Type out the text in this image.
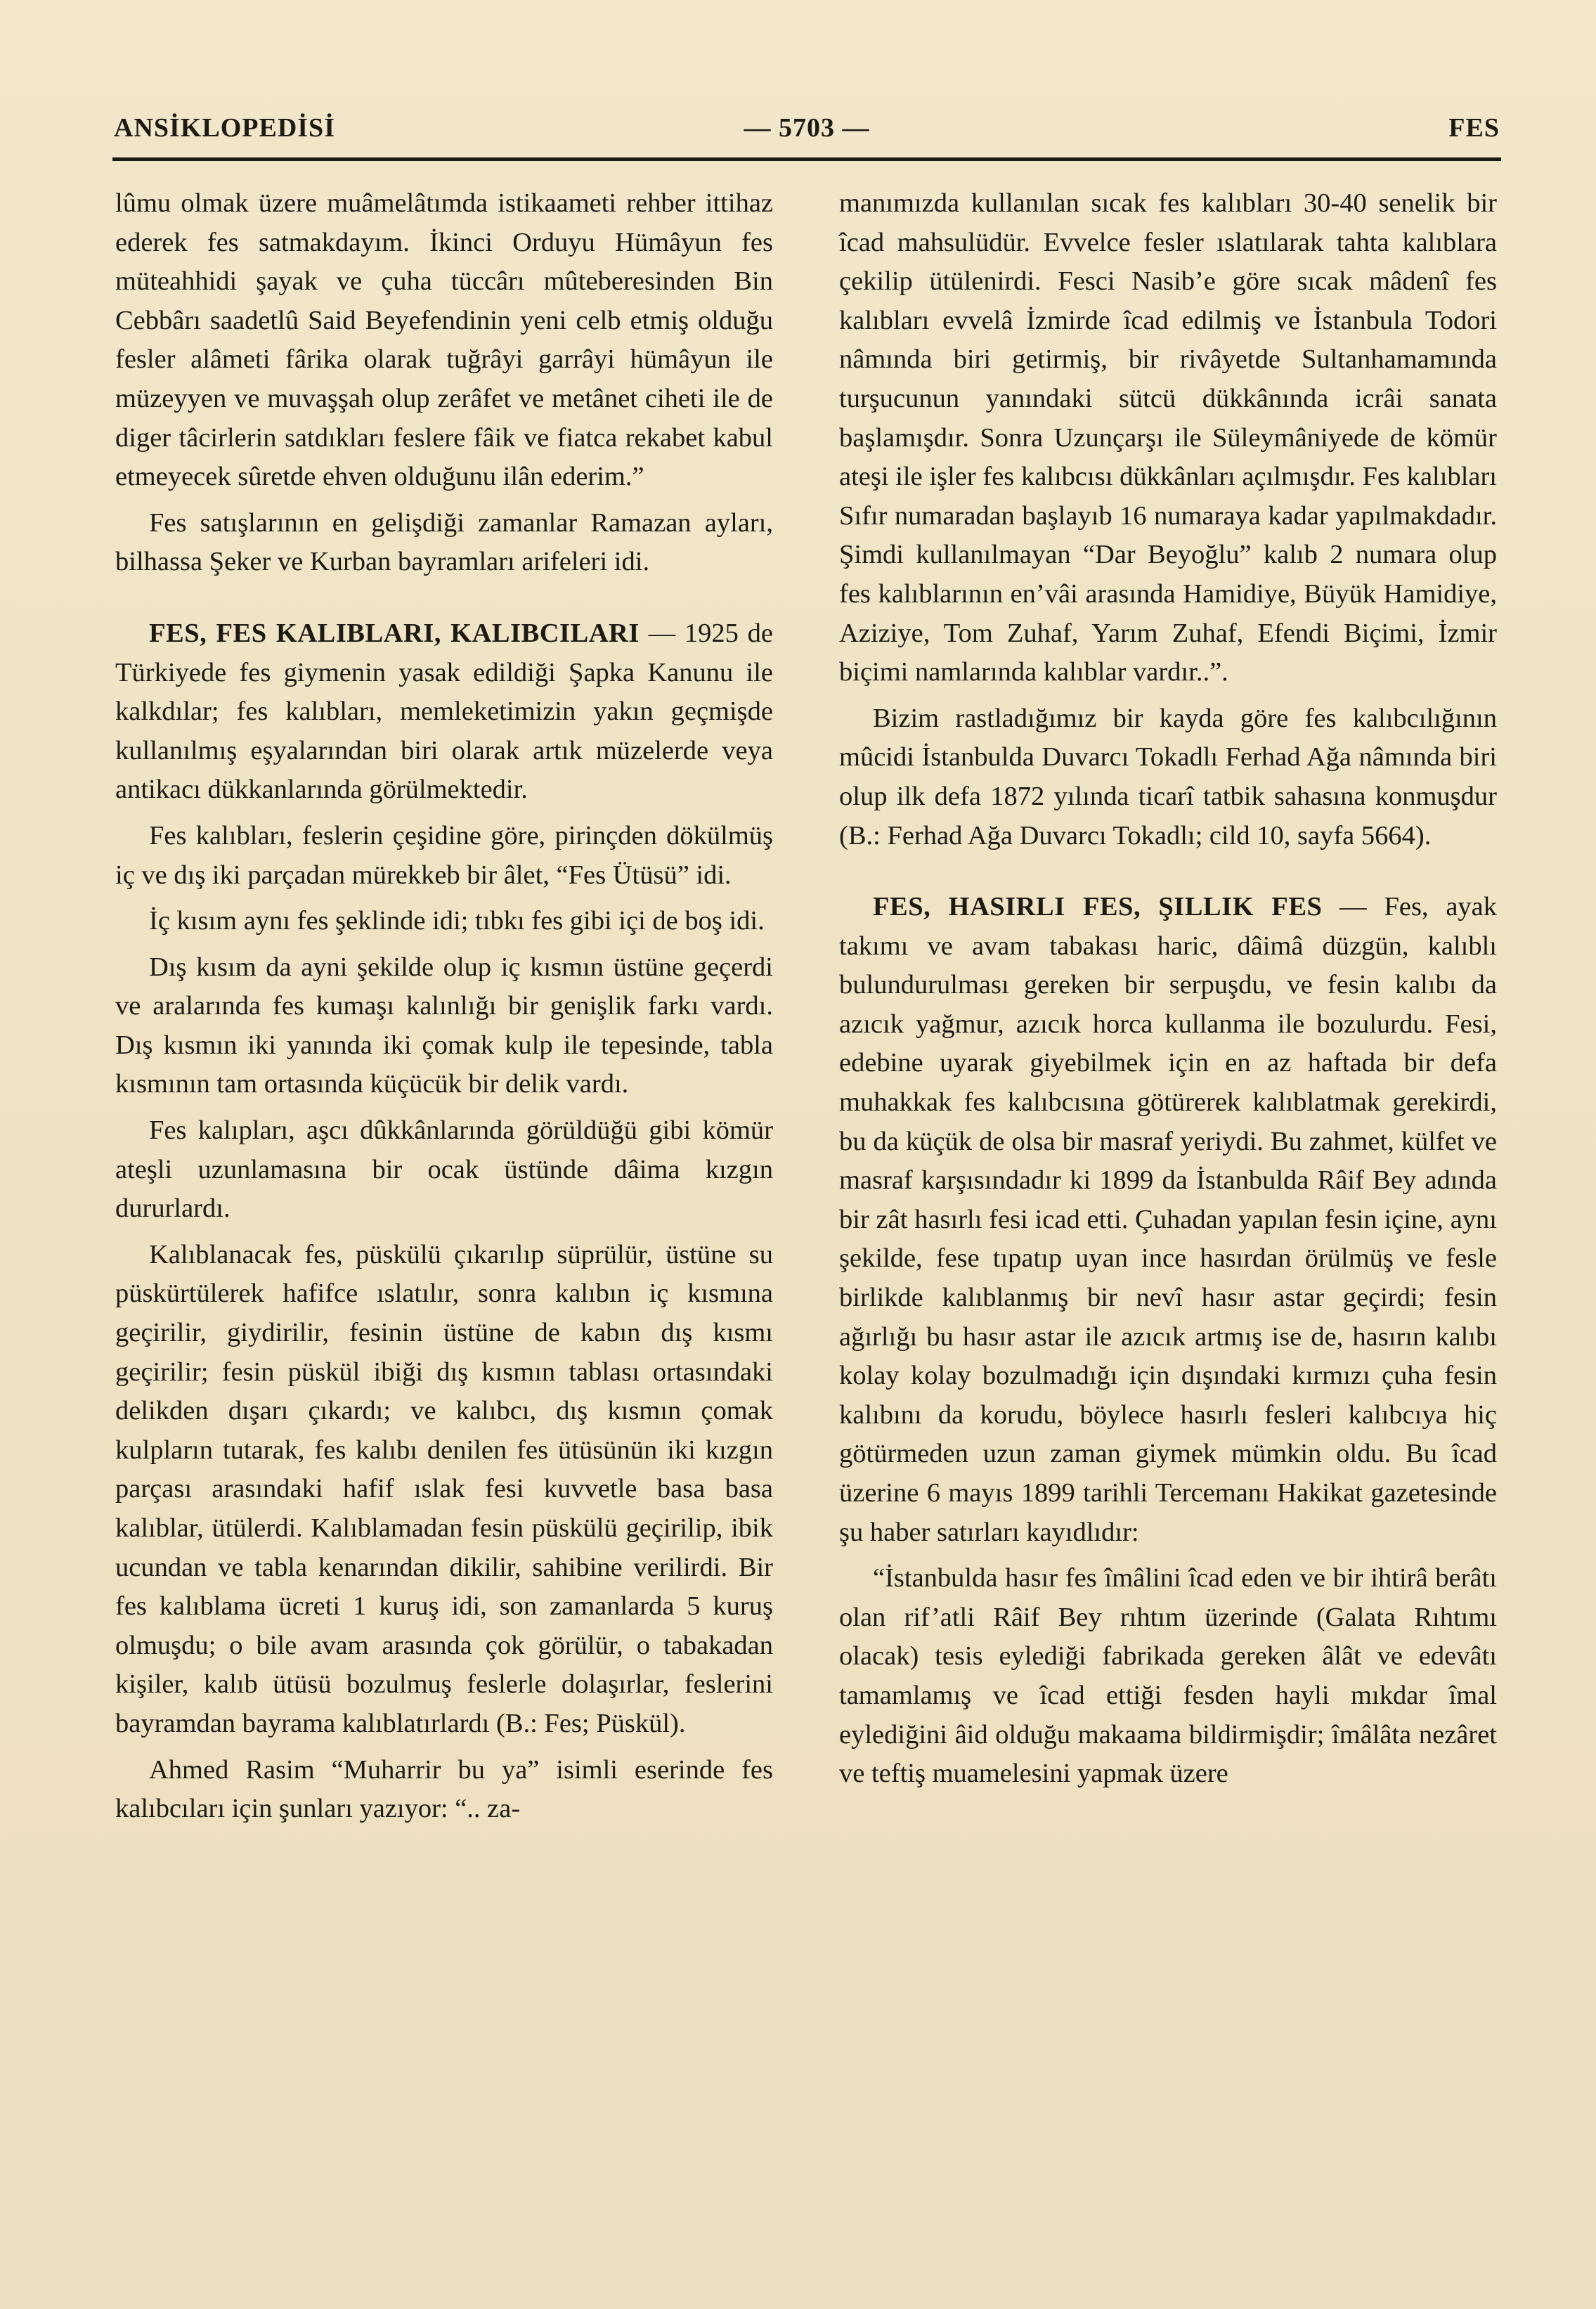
ANSİKLOPEDİSİ	— 5703 —	FES

lûmu olmak üzere muâmelâtımda istikaameti rehber ittihaz ederek fes satmakdayım. İkinci Orduyu Hümâyun fes müteahhidi şayak ve çuha tüccârı mûteberesinden Bin Cebbârı saadetlû Said Beyefendinin yeni celb etmiş olduğu fesler alâmeti fârika olarak tuğrâyi garrâyi hümâyun ile müzeyyen ve muvaşşah olup zerâfet ve metânet ciheti ile de diger tâcirlerin satdıkları feslere fâik ve fiatca rekabet kabul etmeyecek sûretde ehven olduğunu ilân ederim.”

Fes satışlarının en gelişdiği zamanlar Ramazan ayları, bilhassa Şeker ve Kurban bayramları arifeleri idi.

FES, FES KALIBLARI, KALIBCILARI — 1925 de Türkiyede fes giymenin yasak edildiği Şapka Kanunu ile kalkdılar; fes kalıbları, memleketimizin yakın geçmişde kullanılmış eşyalarından biri olarak artık müzelerde veya antikacı dükkanlarında görülmektedir.

Fes kalıbları, feslerin çeşidine göre, pirinçden dökülmüş iç ve dış iki parçadan mürekkeb bir âlet, “Fes Ütüsü” idi.

İç kısım aynı fes şeklinde idi; tıbkı fes gibi içi de boş idi.

Dış kısım da ayni şekilde olup iç kısmın üstüne geçerdi ve aralarında fes kumaşı kalınlığı bir genişlik farkı vardı. Dış kısmın iki yanında iki çomak kulp ile tepesinde, tabla kısmının tam ortasında küçücük bir delik vardı.

Fes kalıpları, aşcı dûkkânlarında görüldüğü gibi kömür ateşli uzunlamasına bir ocak üstünde dâima kızgın dururlardı.

Kalıblanacak fes, püskülü çıkarılıp süprülür, üstüne su püskürtülerek hafifce ıslatılır, sonra kalıbın iç kısmına geçirilir, giydirilir, fesinin üstüne de kabın dış kısmı geçirilir; fesin püskül ibiği dış kısmın tablası ortasındaki delikden dışarı çıkardı; ve kalıbcı, dış kısmın çomak kulpların tutarak, fes kalıbı denilen fes ütüsünün iki kızgın parçası arasındaki hafif ıslak fesi kuvvetle basa basa kalıblar, ütülerdi. Kalıblamadan fesin püskülü geçirilip, ibik ucundan ve tabla kenarından dikilir, sahibine verilirdi. Bir fes kalıblama ücreti 1 kuruş idi, son zamanlarda 5 kuruş olmuşdu; o bile avam arasında çok görülür, o tabakadan kişiler, kalıb ütüsü bozulmuş feslerle dolaşırlar, feslerini bayramdan bayrama kalıblatırlardı (B.: Fes; Püskül).

Ahmed Rasim “Muharrir bu ya” isimli eserinde fes kalıbcıları için şunları yazıyor: “.. za-

manımızda kullanılan sıcak fes kalıbları 30-40 senelik bir îcad mahsulüdür. Evvelce fesler ıslatılarak tahta kalıblara çekilip ütülenirdi. Fesci Nasib’e göre sıcak mâdenî fes kalıbları evvelâ İzmirde îcad edilmiş ve İstanbula Todori nâmında biri getirmiş, bir rivâyetde Sultanhamamında turşucunun yanındaki sütcü dükkânında icrâi sanata başlamışdır. Sonra Uzunçarşı ile Süleymâniyede de kömür ateşi ile işler fes kalıbcısı dükkânları açılmışdır. Fes kalıbları Sıfır numaradan başlayıb 16 numaraya kadar yapılmakdadır. Şimdi kullanılmayan “Dar Beyoğlu” kalıb 2 numara olup fes kalıblarının en’vâi arasında Hamidiye, Büyük Hamidiye, Aziziye, Tom Zuhaf, Yarım Zuhaf, Efendi Biçimi, İzmir biçimi namlarında kalıblar vardır..”.

Bizim rastladığımız bir kayda göre fes kalıbcılığının mûcidi İstanbulda Duvarcı Tokadlı Ferhad Ağa nâmında biri olup ilk defa 1872 yılında ticarî tatbik sahasına konmuşdur (B.: Ferhad Ağa Duvarcı Tokadlı; cild 10, sayfa 5664).

FES, HASIRLI FES, ŞILLIK FES — Fes, ayak takımı ve avam tabakası haric, dâimâ düzgün, kalıblı bulundurulması gereken bir serpuşdu, ve fesin kalıbı da azıcık yağmur, azıcık horca kullanma ile bozulurdu. Fesi, edebine uyarak giyebilmek için en az haftada bir defa muhakkak fes kalıbcısına götürerek kalıblatmak gerekirdi, bu da küçük de olsa bir masraf yeriydi. Bu zahmet, külfet ve masraf karşısındadır ki 1899 da İstanbulda Râif Bey adında bir zât hasırlı fesi icad etti. Çuhadan yapılan fesin içine, aynı şekilde, fese tıpatıp uyan ince hasırdan örülmüş ve fesle birlikde kalıblanmış bir nevî hasır astar geçirdi; fesin ağırlığı bu hasır astar ile azıcık artmış ise de, hasırın kalıbı kolay kolay bozulmadığı için dışındaki kırmızı çuha fesin kalıbını da korudu, böylece hasırlı fesleri kalıbcıya hiç götürmeden uzun zaman giymek mümkin oldu. Bu îcad üzerine 6 mayıs 1899 tarihli Tercemanı Hakikat gazetesinde şu haber satırları kayıdlıdır:

“İstanbulda hasır fes îmâlini îcad eden ve bir ihtirâ berâtı olan rif’atli Râif Bey rıhtım üzerinde (Galata Rıhtımı olacak) tesis eylediği fabrikada gereken âlât ve edevâtı tamamlamış ve îcad ettiği fesden hayli mıkdar îmal eylediğini âid olduğu makaama bildirmişdir; îmâlâta nezâret ve teftiş muamelesini yapmak üzere
